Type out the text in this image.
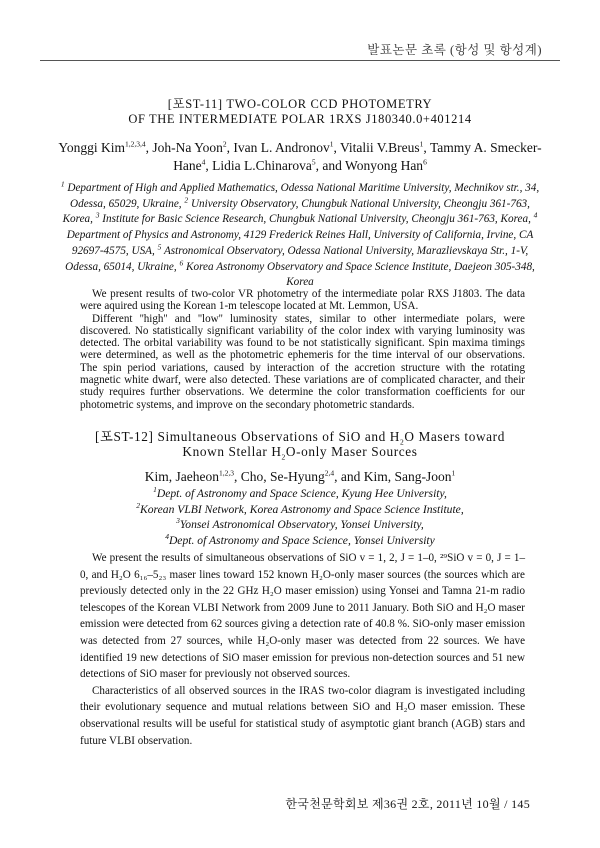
발표논문 초록 (항성 및 항성계)
[포ST-11] TWO-COLOR CCD PHOTOMETRY
OF THE INTERMEDIATE POLAR 1RXS J180340.0+401214
Yonggi Kim$^{1,2,3,4}$, Joh-Na Yoon$^2$, Ivan L. Andronov$^1$, Vitalii V.Breus$^1$, Tammy A. Smecker-Hane$^4$, Lidia L.Chinarova$^5$, and Wonyong Han$^6$
$^1$ Department of High and Applied Mathematics, Odessa National Maritime University, Mechnikov str., 34, Odessa, 65029, Ukraine, $^2$ University Observatory, Chungbuk National University, Cheongju 361-763, Korea, $^3$ Institute for Basic Science Research, Chungbuk National University, Cheongju 361-763, Korea, $^4$ Department of Physics and Astronomy, 4129 Frederick Reines Hall, University of California, Irvine, CA 92697-4575, USA, $^5$ Astronomical Observatory, Odessa National University, Marazlievskaya Str., 1-V, Odessa, 65014, Ukraine, $^6$ Korea Astronomy Observatory and Space Science Institute, Daejeon 305-348, Korea

We present results of two-color VR photometry of the intermediate polar RXS J1803. The data were aquired using the Korean 1-m telescope located at Mt. Lemmon, USA.

Different ''high'' and ''low'' luminosity states, similar to other intermediate polars, were discovered. No statistically significant variability of the color index with varying luminosity was detected. The orbital variability was found to be not statistically significant. Spin maxima timings were determined, as well as the photometric ephemeris for the time interval of our observations. The spin period variations, caused by interaction of the accretion structure with the rotating magnetic white dwarf, were also detected. These variations are of complicated character, and their study requires further observations. We determine the color transformation coefficients for our photometric systems, and improve on the secondary photometric standards.

[포ST-12] Simultaneous Observations of SiO and $H_2O$ Masers toward
Known Stellar $H_2O$-only Maser Sources
Kim, Jaeheon$^{1,2,3}$, Cho, Se-Hyung$^{2,4}$, and Kim, Sang-Joon$^1$
$^1$Dept. of Astronomy and Space Science, Kyung Hee University,
$^2$Korean VLBI Network, Korea Astronomy and Space Science Institute,
$^3$Yonsei Astronomical Observatory, Yonsei University,
$^4$Dept. of Astronomy and Space Science, Yonsei University

We present the results of simultaneous observations of SiO v = 1, 2, J = 1–0, ²⁹SiO v = 0, J = 1–0, and H₂O 6₁₆–5₂₃ maser lines toward 152 known H₂O-only maser sources (the sources which are previously detected only in the 22 GHz H₂O maser emission) using Yonsei and Tamna 21-m radio telescopes of the Korean VLBI Network from 2009 June to 2011 January. Both SiO and H₂O maser emission were detected from 62 sources giving a detection rate of 40.8 %. SiO-only maser emission was detected from 27 sources, while H₂O-only maser was detected from 22 sources. We have identified 19 new detections of SiO maser emission for previous non-detection sources and 51 new detections of SiO maser for previously not observed sources.

Characteristics of all observed sources in the IRAS two-color diagram is investigated including their evolutionary sequence and mutual relations between SiO and H₂O maser emission. These observational results will be useful for statistical study of asymptotic giant branch (AGB) stars and future VLBI observation.

한국천문학회보 제36권 2호, 2011년 10월 / 145
